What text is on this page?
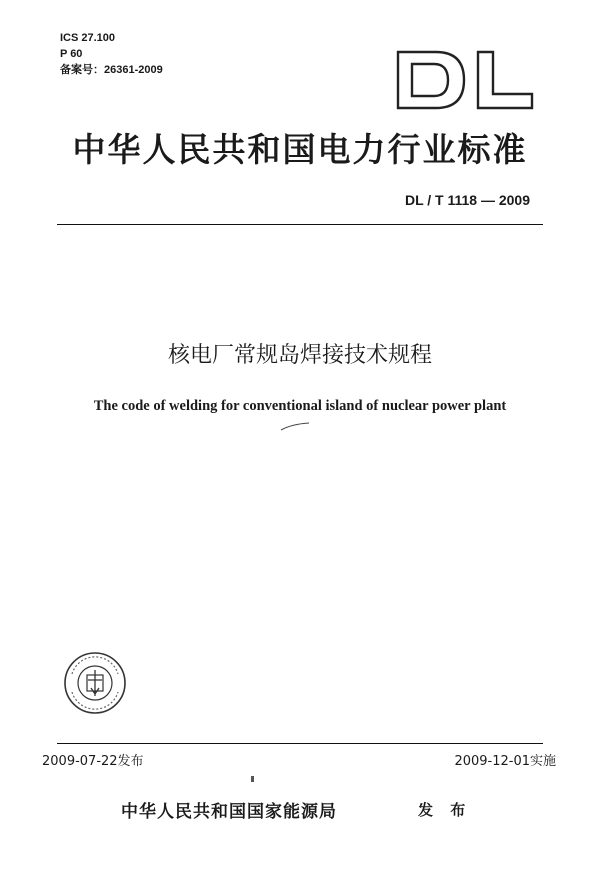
ICS 27.100
P 60
备案号：26361-2009
中华人民共和国电力行业标准
DL / T 1118 — 2009
核电厂常规岛焊接技术规程
The code of welding for conventional island of nuclear power plant
2009-07-22发布	2009-12-01实施
中华人民共和国国家能源局	发 布
